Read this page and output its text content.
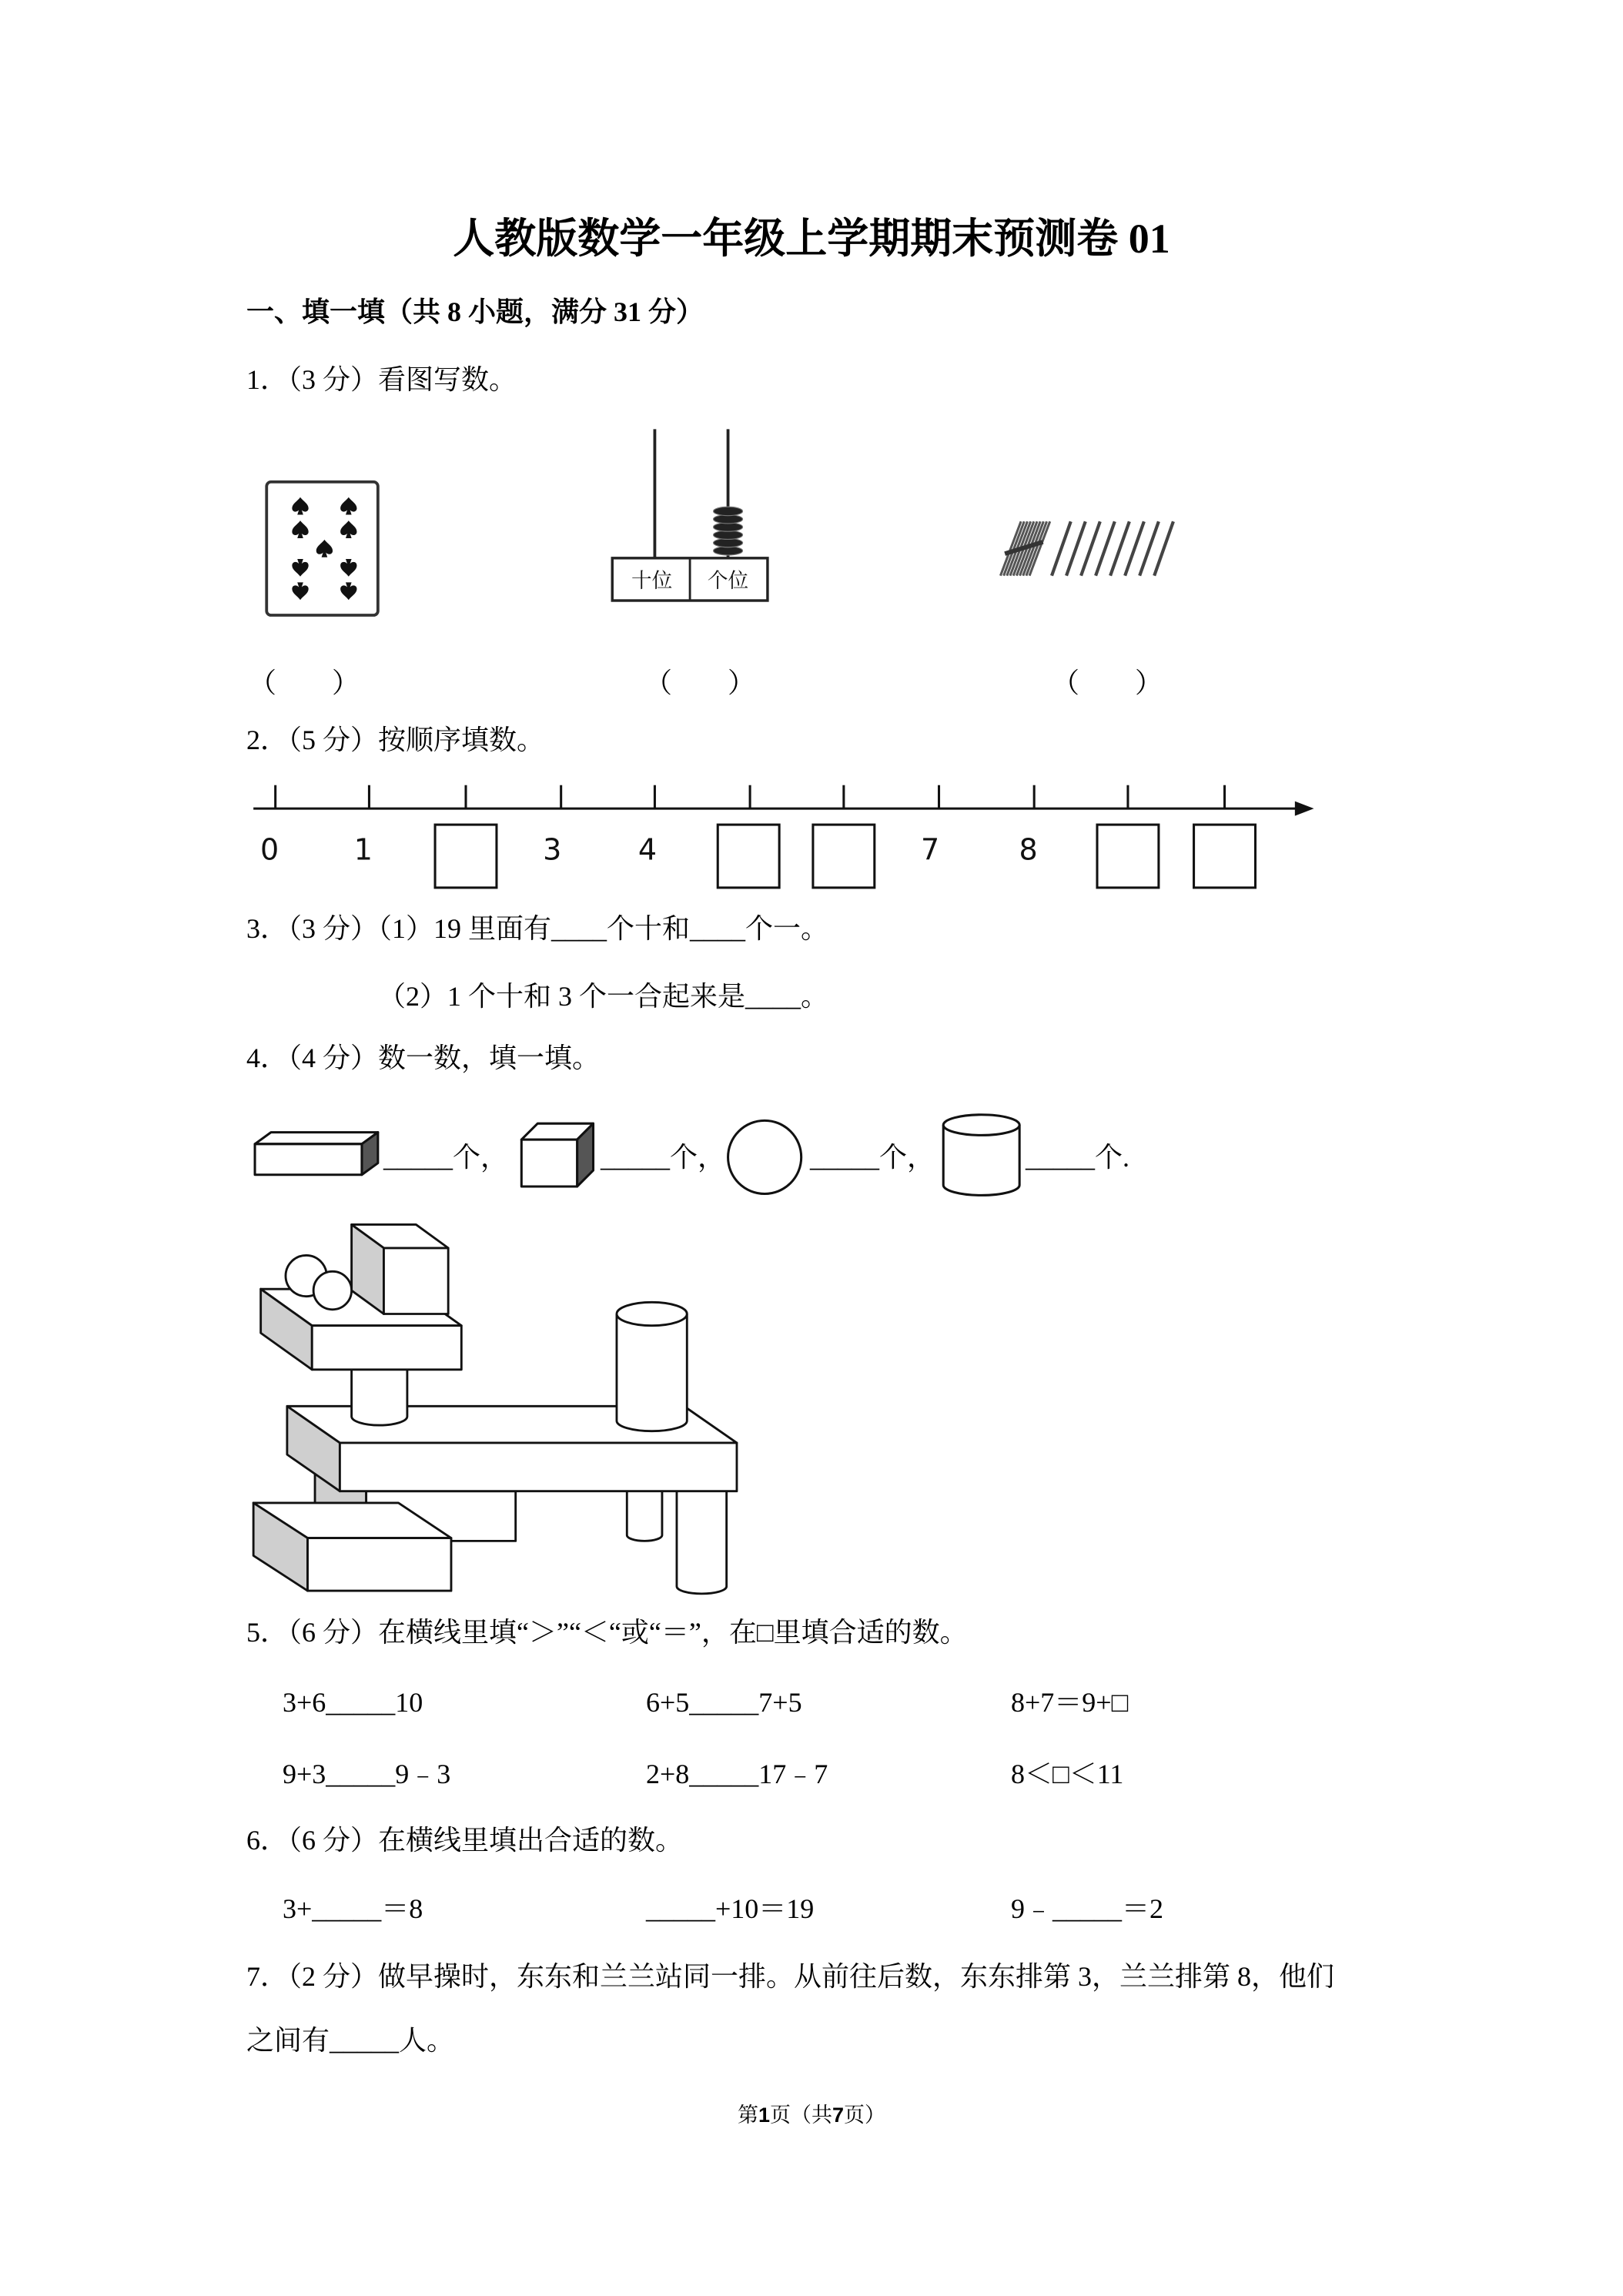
十位	个位
0	1	3	4	7	8
人教版数学一年级上学期期末预测卷 01
一、填一填（共 8 小题，满分 31 分）
1．（3 分）看图写数。
（　　）	（　　）	（　　）
2．（5 分）按顺序填数。
3．（3 分）（1）19 里面有____个十和____个一。
（2）1 个十和 3 个一合起来是____。
4．（4 分）数一数，填一填。
_____个，	_____个，	_____个，	_____个.
5．（6 分）在横线里填“＞”“＜“或“＝”，在□里填合适的数。
3+6_____10	6+5_____7+5	8+7＝9+□
9+3_____9﹣3	2+8_____17﹣7	8＜□＜11
6．（6 分）在横线里填出合适的数。
3+_____＝8	_____+10＝19	9﹣_____＝2
7．（2 分）做早操时，东东和兰兰站同一排。从前往后数，东东排第 3，兰兰排第 8，他们
之间有_____人。
第1页（共7页）
